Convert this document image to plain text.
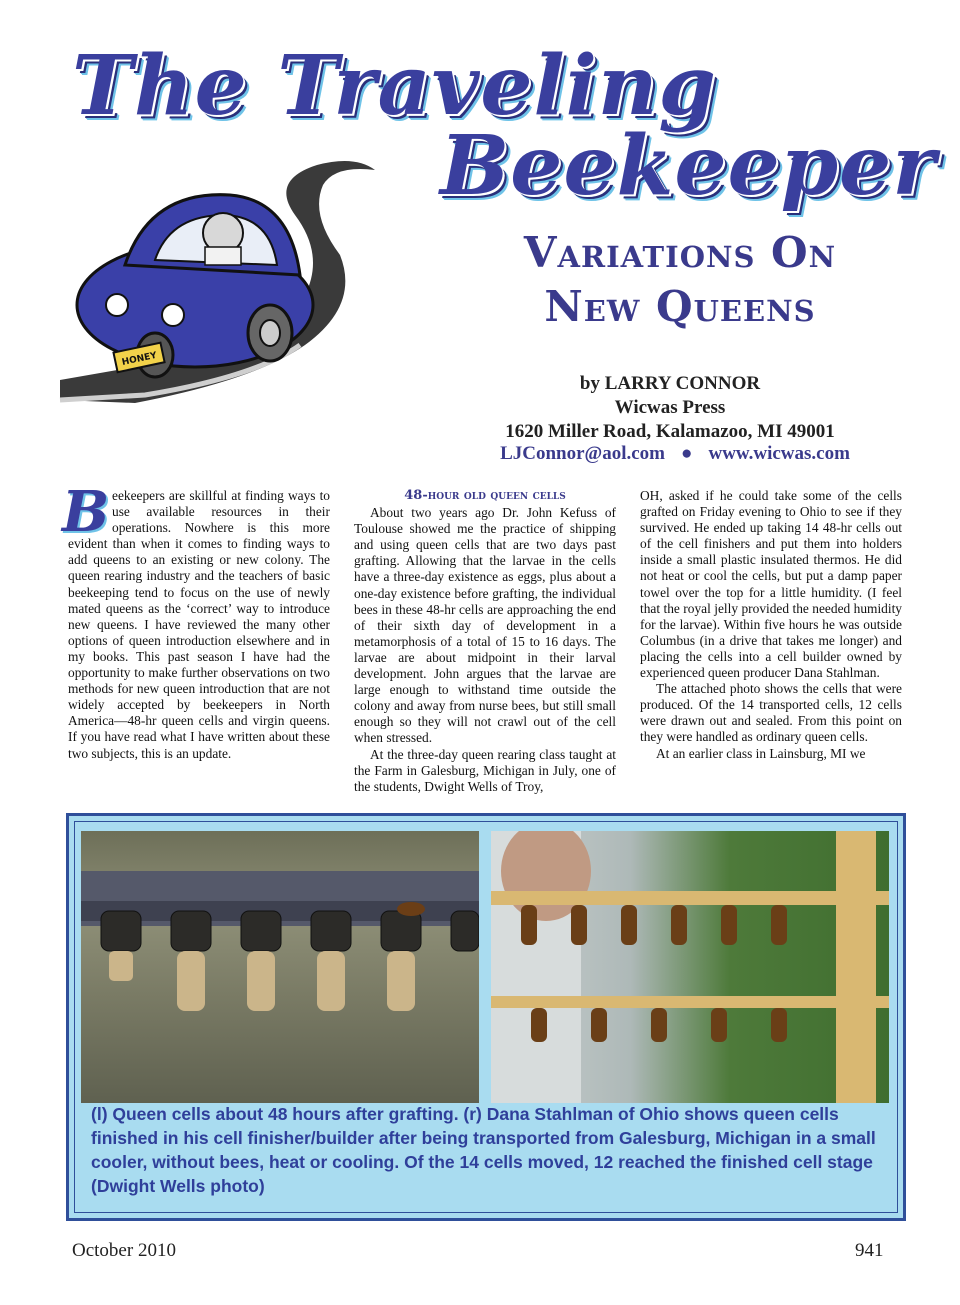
The Traveling
Beekeeper
HONEY
Variations On
New Queens
by LARRY CONNOR
Wicwas Press
1620 Miller Road, Kalamazoo, MI 49001
LJConnor@aol.com ● www.wicwas.com

Beekeepers are skillful at finding ways to use available resources in their operations. Nowhere is this more evident than when it comes to finding ways to add queens to an existing or new colony. The queen rearing industry and the teachers of basic beekeeping tend to focus on the use of newly mated queens as the ‘correct’ way to introduce new queens. I have reviewed the many other options of queen introduction elsewhere and in my books. This past season I have had the opportunity to make further observations on two methods for new queen introduction that are not widely accepted by beekeepers in North America—48-hr queen cells and virgin queens. If you have read what I have written about these two subjects, this is an update.

48-hour old queen cells

About two years ago Dr. John Kefuss of Toulouse showed me the practice of shipping and using queen cells that are two days past grafting. Allowing that the larvae in the cells have a three-day existence as eggs, plus about a one-day existence before grafting, the individual bees in these 48-hr cells are approaching the end of their sixth day of development in a metamorphosis of a total of 15 to 16 days. The larvae are about midpoint in their larval development. John argues that the larvae are large enough to withstand time outside the colony and away from nurse bees, but still small enough so they will not crawl out of the cell when stressed.

At the three-day queen rearing class taught at the Farm in Galesburg, Michigan in July, one of the students, Dwight Wells of Troy,

OH, asked if he could take some of the cells grafted on Friday evening to Ohio to see if they survived. He ended up taking 14 48-hr cells out of the cell finishers and put them into holders inside a small plastic insulated thermos. He did not heat or cool the cells, but put a damp paper towel over the top for a little humidity. (I feel that the royal jelly provided the needed humidity for the larvae). Within five hours he was outside Columbus (in a drive that takes me longer) and placing the cells into a cell builder owned by experienced queen producer Dana Stahlman.

The attached photo shows the cells that were produced. Of the 14 transported cells, 12 cells were drawn out and sealed. From this point on they were handled as ordinary queen cells.

At an earlier class in Lainsburg, MI we

(l) Queen cells about 48 hours after grafting. (r) Dana Stahlman of Ohio shows queen cells finished in his cell finisher/builder after being transported from Galesburg, Michigan in a small cooler, without bees, heat or cooling. Of the 14 cells moved, 12 reached the finished cell stage (Dwight Wells photo)
October 2010	941
